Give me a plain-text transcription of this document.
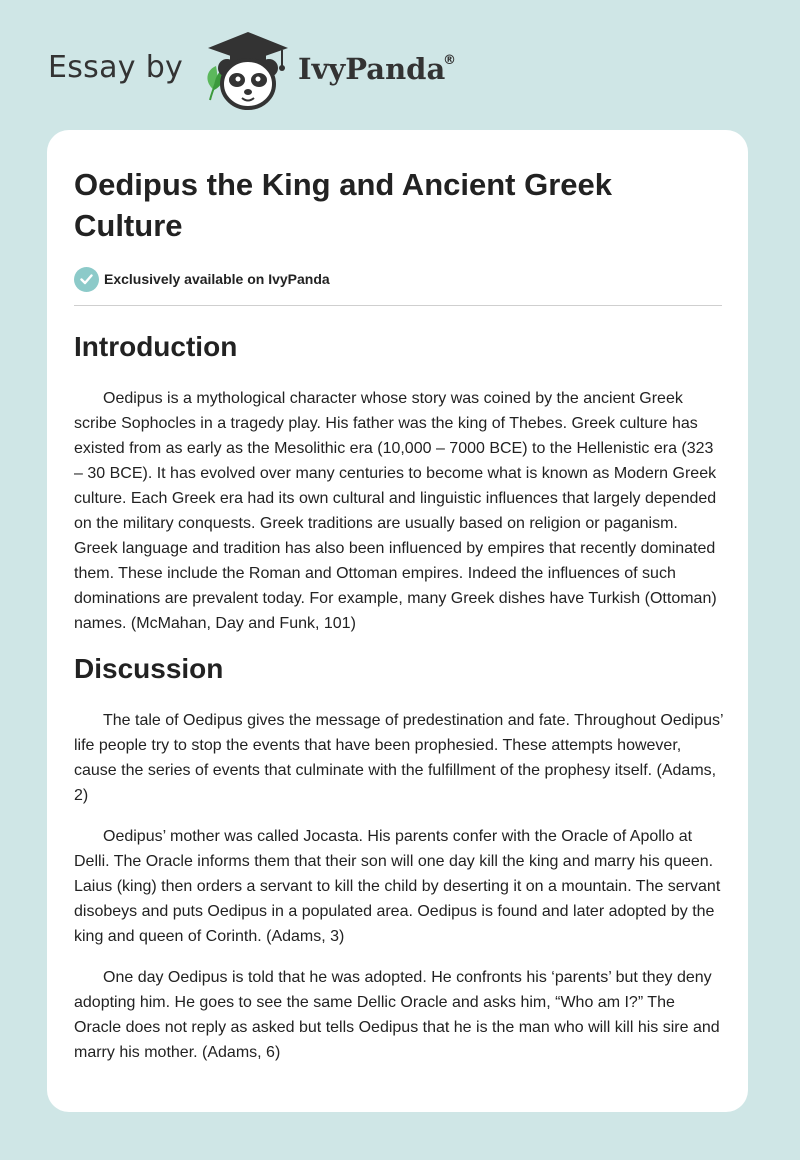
Essay by	IvyPanda
®
Oedipus the King and Ancient Greek Culture
Exclusively available on IvyPanda
Introduction

Oedipus is a mythological character whose story was coined by the ancient Greek scribe Sophocles in a tragedy play. His father was the king of Thebes. Greek culture has existed from as early as the Mesolithic era (10,000 – 7000 BCE) to the Hellenistic era (323 – 30 BCE). It has evolved over many centuries to become what is known as Modern Greek culture. Each Greek era had its own cultural and linguistic influences that largely depended on the military conquests. Greek traditions are usually based on religion or paganism. Greek language and tradition has also been influenced by empires that recently dominated them. These include the Roman and Ottoman empires. Indeed the influences of such dominations are prevalent today. For example, many Greek dishes have Turkish (Ottoman) names. (McMahan, Day and Funk, 101)

Discussion

The tale of Oedipus gives the message of predestination and fate. Throughout Oedipus’ life people try to stop the events that have been prophesied. These attempts however, cause the series of events that culminate with the fulfillment of the prophesy itself. (Adams, 2)

Oedipus’ mother was called Jocasta. His parents confer with the Oracle of Apollo at Delli. The Oracle informs them that their son will one day kill the king and marry his queen. Laius (king) then orders a servant to kill the child by deserting it on a mountain. The servant disobeys and puts Oedipus in a populated area. Oedipus is found and later adopted by the king and queen of Corinth. (Adams, 3)

One day Oedipus is told that he was adopted. He confronts his ‘parents’ but they deny adopting him. He goes to see the same Dellic Oracle and asks him, “Who am I?” The Oracle does not reply as asked but tells Oedipus that he is the man who will kill his sire and marry his mother. (Adams, 6)
